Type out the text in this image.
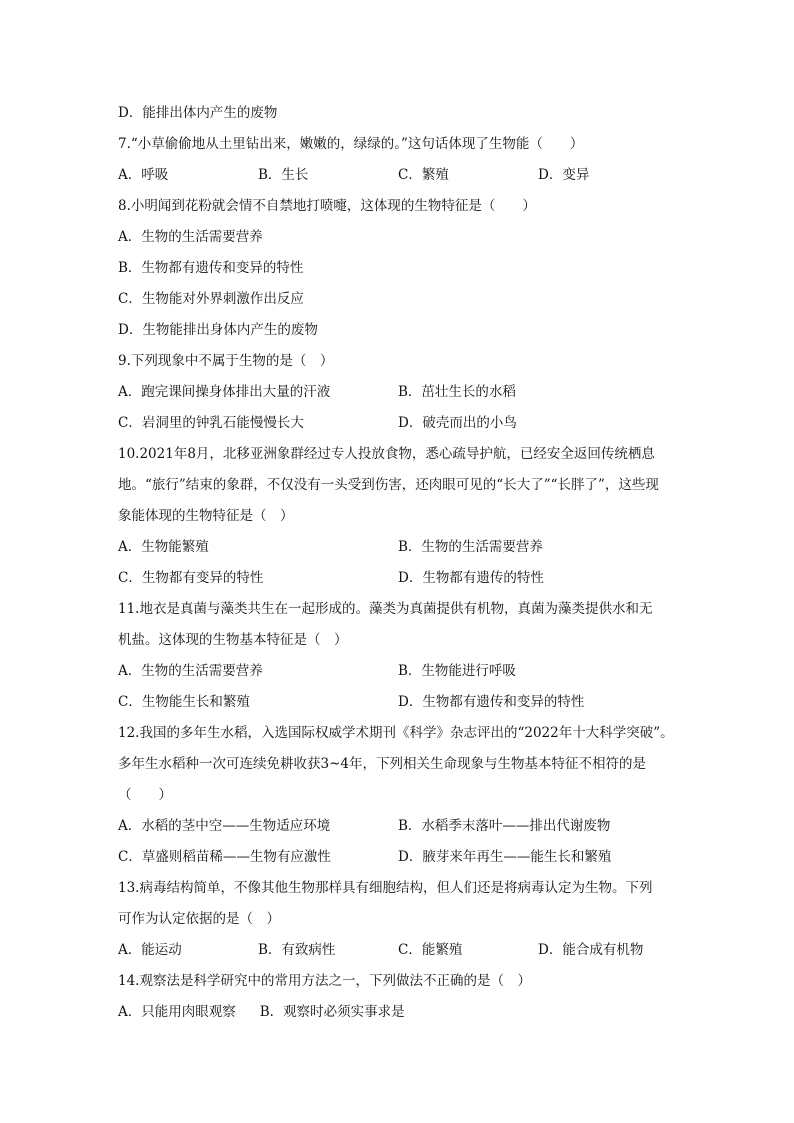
D．能排出体内产生的废物
7.“小草偷偷地从土里钻出来，嫩嫩的，绿绿的。”这句话体现了生物能（　　）
A．呼吸	B．生长	C．繁殖	D．变异
8.小明闻到花粉就会情不自禁地打喷嚏，这体现的生物特征是（　　）
A．生物的生活需要营养
B．生物都有遗传和变异的特性
C．生物能对外界刺激作出反应
D．生物能排出身体内产生的废物
9.下列现象中不属于生物的是（　）
A．跑完课间操身体排出大量的汗液	B．茁壮生长的水稻
C．岩洞里的钟乳石能慢慢长大	D．破壳而出的小鸟
10.2021年8月，北移亚洲象群经过专人投放食物，悉心疏导护航，已经安全返回传统栖息
地。“旅行”结束的象群，不仅没有一头受到伤害，还肉眼可见的“长大了”“长胖了”，这些现
象能体现的生物特征是（　）
A．生物能繁殖	B．生物的生活需要营养
C．生物都有变异的特性	D．生物都有遗传的特性
11.地衣是真菌与藻类共生在一起形成的。藻类为真菌提供有机物，真菌为藻类提供水和无
机盐。这体现的生物基本特征是（　）
A．生物的生活需要营养	B．生物能进行呼吸
C．生物能生长和繁殖	D．生物都有遗传和变异的特性
12.我国的多年生水稻，入选国际权威学术期刊《科学》杂志评出的“2022年十大科学突破”。
多年生水稻种一次可连续免耕收获3~4年，下列相关生命现象与生物基本特征不相符的是
（　　）
A．水稻的茎中空——生物适应环境	B．水稻季末落叶——排出代谢废物
C．草盛则稻苗稀——生物有应激性	D．腋芽来年再生——能生长和繁殖
13.病毒结构简单，不像其他生物那样具有细胞结构，但人们还是将病毒认定为生物。下列
可作为认定依据的是（　）
A．能运动	B．有致病性	C．能繁殖	D．能合成有机物
14.观察法是科学研究中的常用方法之一，下列做法不正确的是（　）
A．只能用肉眼观察 B．观察时必须实事求是
